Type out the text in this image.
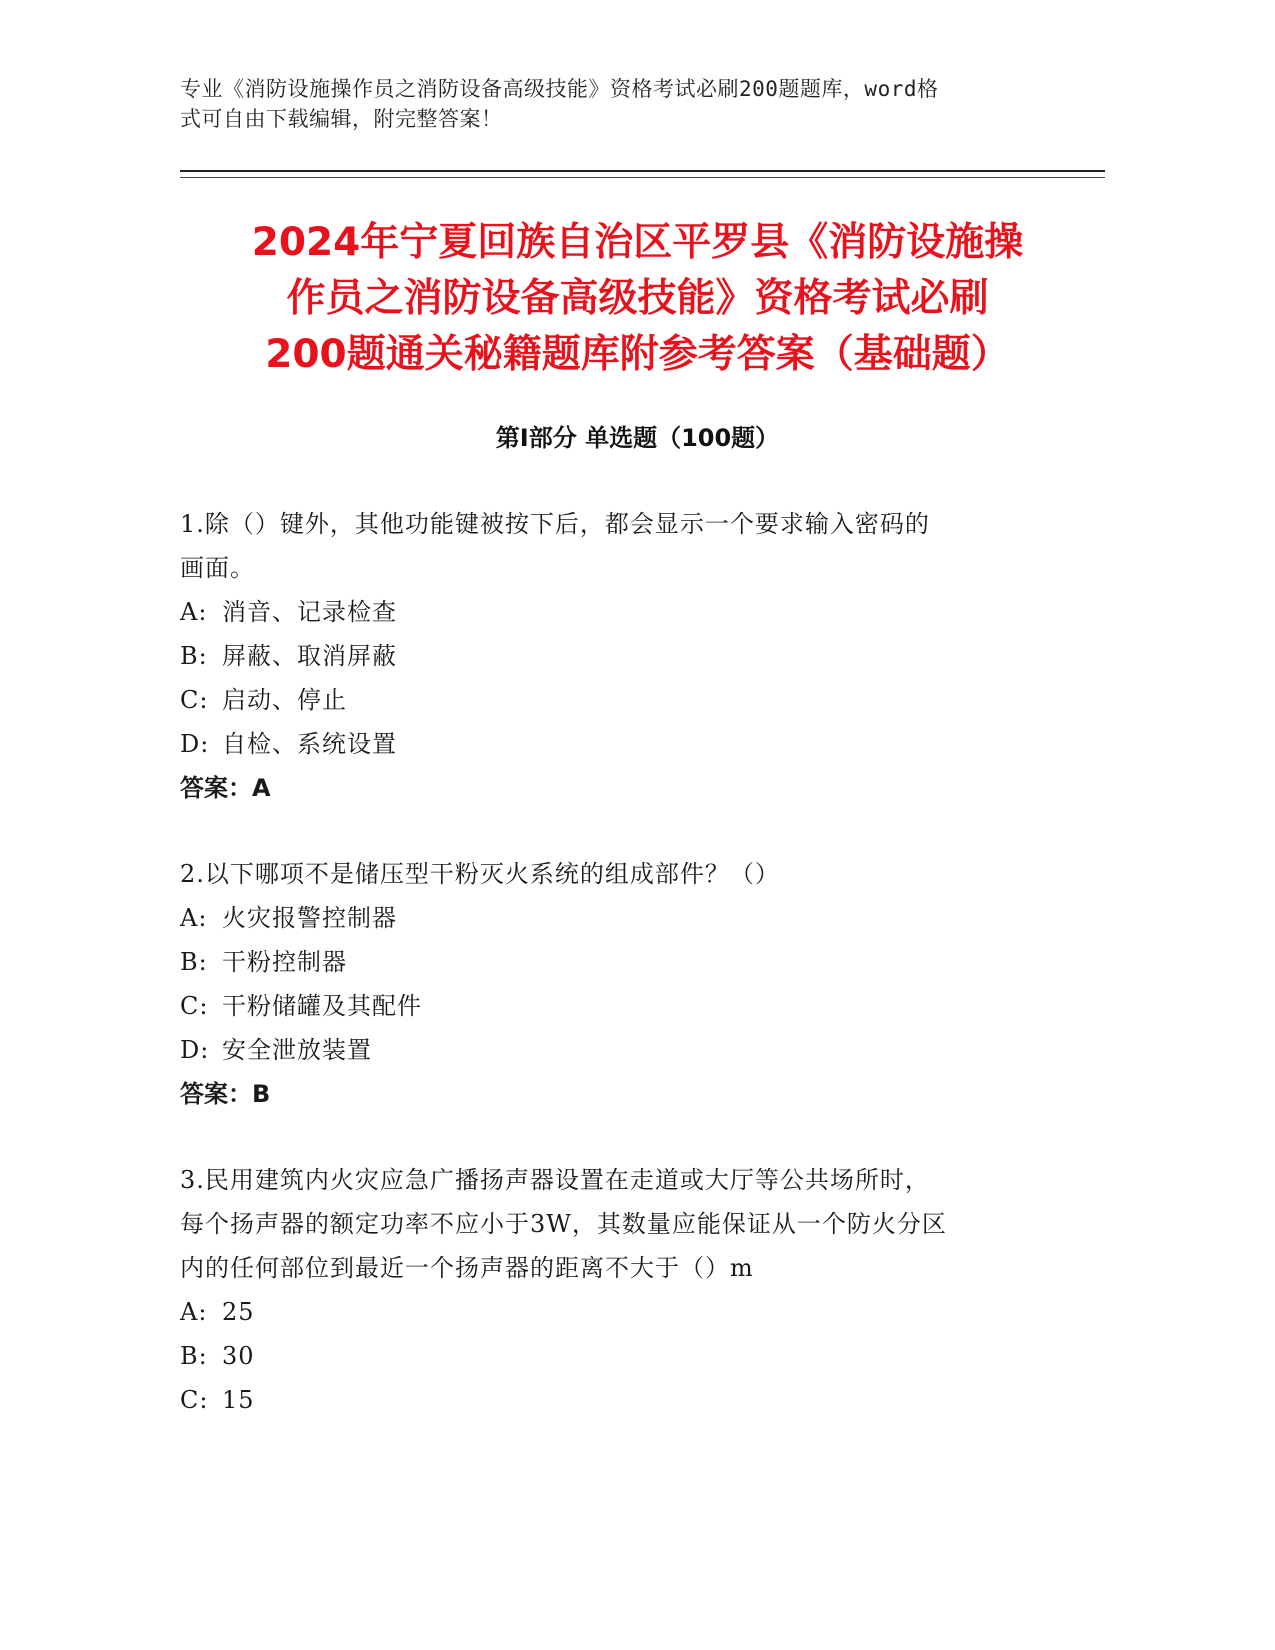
专业《消防设施操作员之消防设备高级技能》资格考试必刷200题题库，word格
式可自由下载编辑，附完整答案！
2024年宁夏回族自治区平罗县《消防设施操
作员之消防设备高级技能》资格考试必刷
200题通关秘籍题库附参考答案（基础题）
第Ⅰ部分 单选题（100题）
1.除（）键外，其他功能键被按下后，都会显示一个要求输入密码的
画面。
A: 消音、记录检查
B: 屏蔽、取消屏蔽
C: 启动、停止
D: 自检、系统设置
答案：A
2.以下哪项不是储压型干粉灭火系统的组成部件？（）
A: 火灾报警控制器
B: 干粉控制器
C: 干粉储罐及其配件
D: 安全泄放装置
答案：B
3.民用建筑内火灾应急广播扬声器设置在走道或大厅等公共场所时，
每个扬声器的额定功率不应小于3W，其数量应能保证从一个防火分区
内的任何部位到最近一个扬声器的距离不大于（）m
A: 25
B: 30
C: 15
